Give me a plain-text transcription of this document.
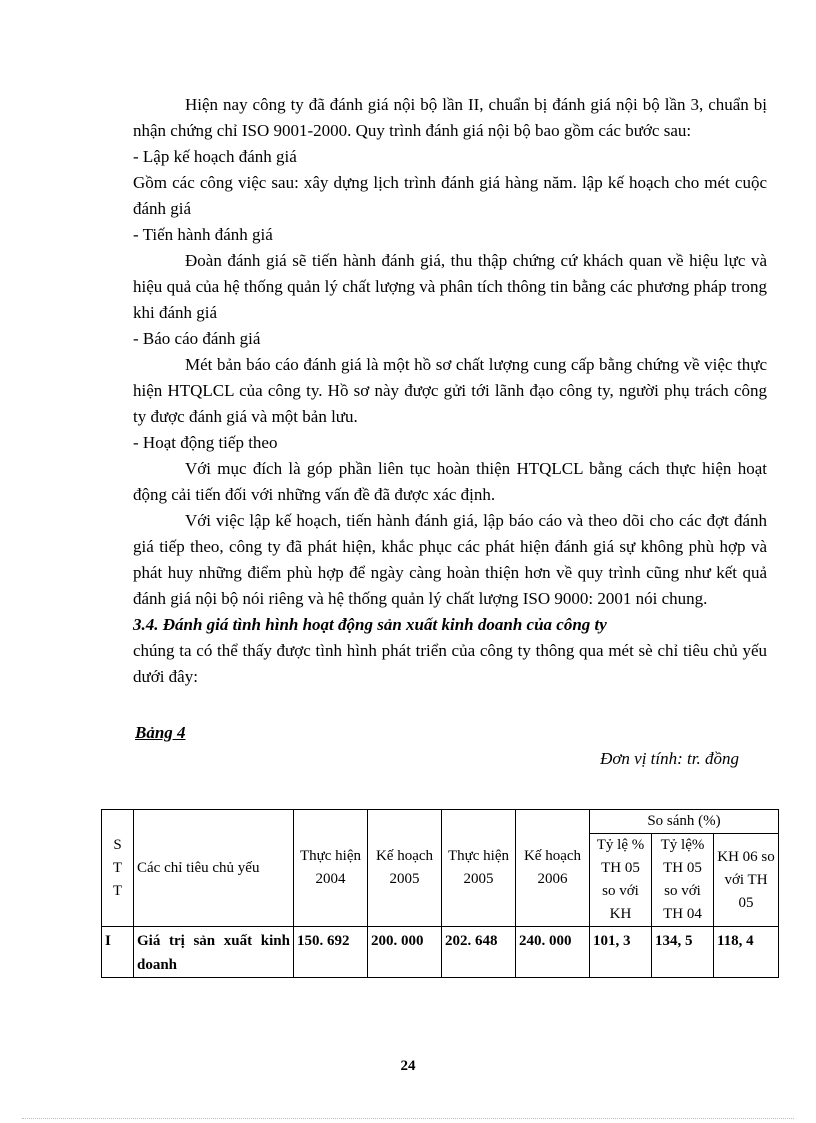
Hiện nay công ty đã đánh giá nội bộ lần II, chuẩn bị đánh giá nội bộ lần 3, chuẩn bị nhận chứng chỉ ISO 9001-2000. Quy trình đánh giá nội bộ bao gồm các bước sau:

- Lập kế hoạch đánh giá

Gồm các công việc sau: xây dựng lịch trình đánh giá hàng năm. lập kế hoạch cho mét cuộc đánh giá

- Tiến hành đánh giá

Đoàn đánh giá sẽ tiến hành đánh giá, thu thập chứng cứ khách quan về hiệu lực và hiệu quả của hệ thống quản lý chất lượng và phân tích thông tin bằng các phương pháp trong khi đánh giá

- Báo cáo đánh giá

Mét bản báo cáo đánh giá là một hồ sơ chất lượng cung cấp bằng chứng về việc thực hiện HTQLCL của công ty. Hồ sơ này được gửi tới lãnh đạo công ty, người phụ trách công ty được đánh giá và một bản lưu.

- Hoạt động tiếp theo

Với mục đích là góp phần liên tục hoàn thiện HTQLCL bằng cách thực hiện hoạt động cải tiến đối với những vấn đề đã được xác định.

Với việc lập kế hoạch, tiến hành đánh giá, lập báo cáo và theo dõi cho các đợt đánh giá tiếp theo, công ty đã phát hiện, khắc phục các phát hiện đánh giá sự không phù hợp và phát huy những điểm phù hợp để ngày càng hoàn thiện hơn về quy trình cũng như kết quả đánh giá nội bộ nói riêng và hệ thống quản lý chất lượng ISO 9000: 2001 nói chung.

3.4. Đánh giá tình hình hoạt động sản xuất kinh doanh của công ty

chúng ta có thể thấy được tình hình phát triển của công ty thông qua mét sè chỉ tiêu chủ yếu dưới đây:

Bảng 4
Đơn vị tính: tr. đồng
S T T	Các chỉ tiêu chủ yếu	Thực hiện 2004	Kế hoạch 2005	Thực hiện 2005	Kế hoạch 2006	So sánh (%)		
						Tỷ lệ % TH 05 so với KH	Tỷ lệ% TH 05 so với TH 04	KH 06 so với TH 05
I	Giá trị sản xuất kinh doanh	150. 692	200. 000	202. 648	240. 000	101, 3	134, 5	118, 4
24
